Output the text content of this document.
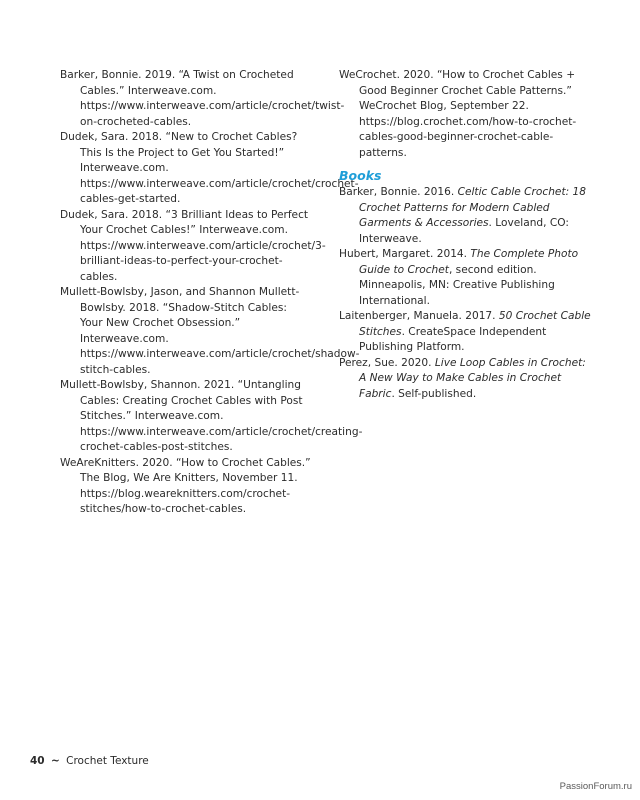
Barker, Bonnie. 2019. “A Twist on Crocheted Cables.” Interweave.com. https://www.interweave.com/article/crochet/twist-on-crocheted-cables.

Dudek, Sara. 2018. “New to Crochet Cables? This Is the Project to Get You Started!” Interweave.com. https://www.interweave.com/article/crochet/crochet-cables-get-started.

Dudek, Sara. 2018. “3 Brilliant Ideas to Perfect Your Crochet Cables!” Interweave.com. https://www.interweave.com/article/crochet/3-brilliant-ideas-to-perfect-your-crochet-cables.

Mullett-Bowlsby, Jason, and Shannon Mullett-Bowlsby. 2018. “Shadow-Stitch Cables: Your New Crochet Obsession.” Interweave.com. https://www.interweave.com/article/crochet/shadow-stitch-cables.

Mullett-Bowlsby, Shannon. 2021. “Untangling Cables: Creating Crochet Cables with Post Stitches.” Interweave.com. https://www.interweave.com/article/crochet/creating-crochet-cables-post-stitches.

WeAreKnitters. 2020. “How to Crochet Cables.” The Blog, We Are Knitters, November 11. https://blog.weareknitters.com/crochet-stitches/how-to-crochet-cables.

WeCrochet. 2020. “How to Crochet Cables + Good Beginner Crochet Cable Patterns.” WeCrochet Blog, September 22. https://blog.crochet.com/how-to-crochet-cables-good-beginner-crochet-cable-patterns.

Books

Barker, Bonnie. 2016. Celtic Cable Crochet: 18 Crochet Patterns for Modern Cabled Garments & Accessories. Loveland, CO: Interweave.

Hubert, Margaret. 2014. The Complete Photo Guide to Crochet, second edition. Minneapolis, MN: Creative Publishing International.

Laitenberger, Manuela. 2017. 50 Crochet Cable Stitches. CreateSpace Independent Publishing Platform.

Perez, Sue. 2020. Live Loop Cables in Crochet: A New Way to Make Cables in Crochet Fabric. Self-published.

40 ~ Crochet Texture
PassionForum.ru
